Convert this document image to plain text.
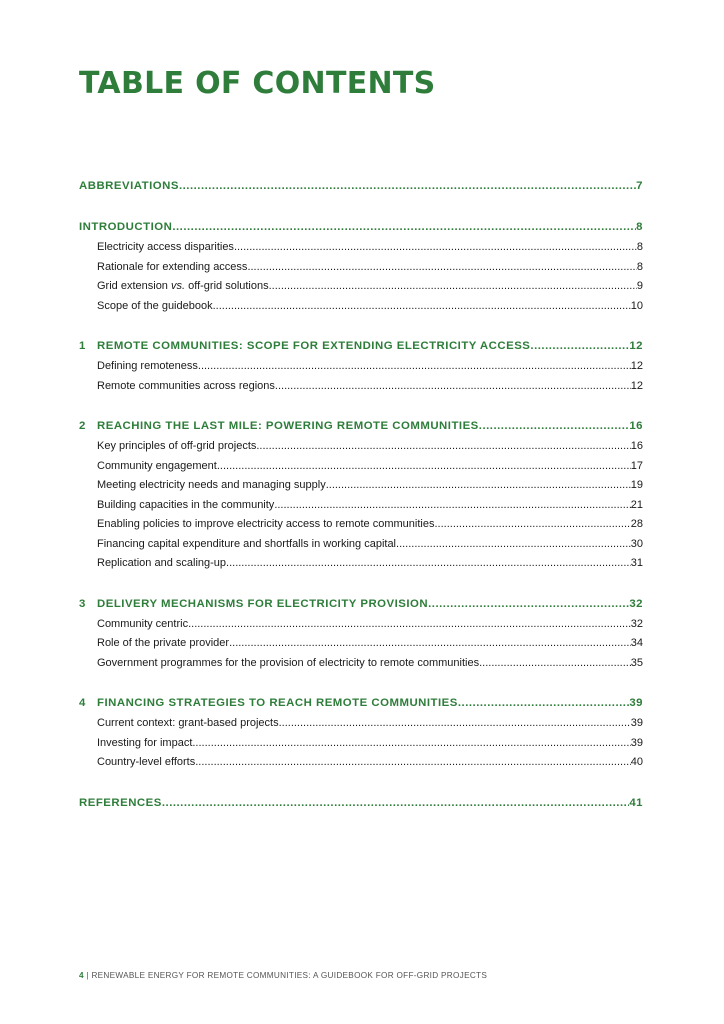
TABLE OF CONTENTS
ABBREVIATIONS .....	7
INTRODUCTION .....	8
Electricity access disparities .....	8
Rationale for extending access .....	8
Grid extension vs. off-grid solutions .....	9
Scope of the guidebook .....	10
1 REMOTE COMMUNITIES: SCOPE FOR EXTENDING ELECTRICITY ACCESS .....	12
Defining remoteness .....	12
Remote communities across regions .....	12
2 REACHING THE LAST MILE: POWERING REMOTE COMMUNITIES .....	16
Key principles of off-grid projects .....	16
Community engagement .....	17
Meeting electricity needs and managing supply .....	19
Building capacities in the community .....	21
Enabling policies to improve electricity access to remote communities .....	28
Financing capital expenditure and shortfalls in working capital .....	30
Replication and scaling-up .....	31
3 DELIVERY MECHANISMS FOR ELECTRICITY PROVISION .....	32
Community centric .....	32
Role of the private provider .....	34
Government programmes for the provision of electricity to remote communities .....	35
4 FINANCING STRATEGIES TO REACH REMOTE COMMUNITIES .....	39
Current context: grant-based projects .....	39
Investing for impact .....	39
Country-level efforts .....	40
REFERENCES .....	41
4 | RENEWABLE ENERGY FOR REMOTE COMMUNITIES: A GUIDEBOOK FOR OFF-GRID PROJECTS
